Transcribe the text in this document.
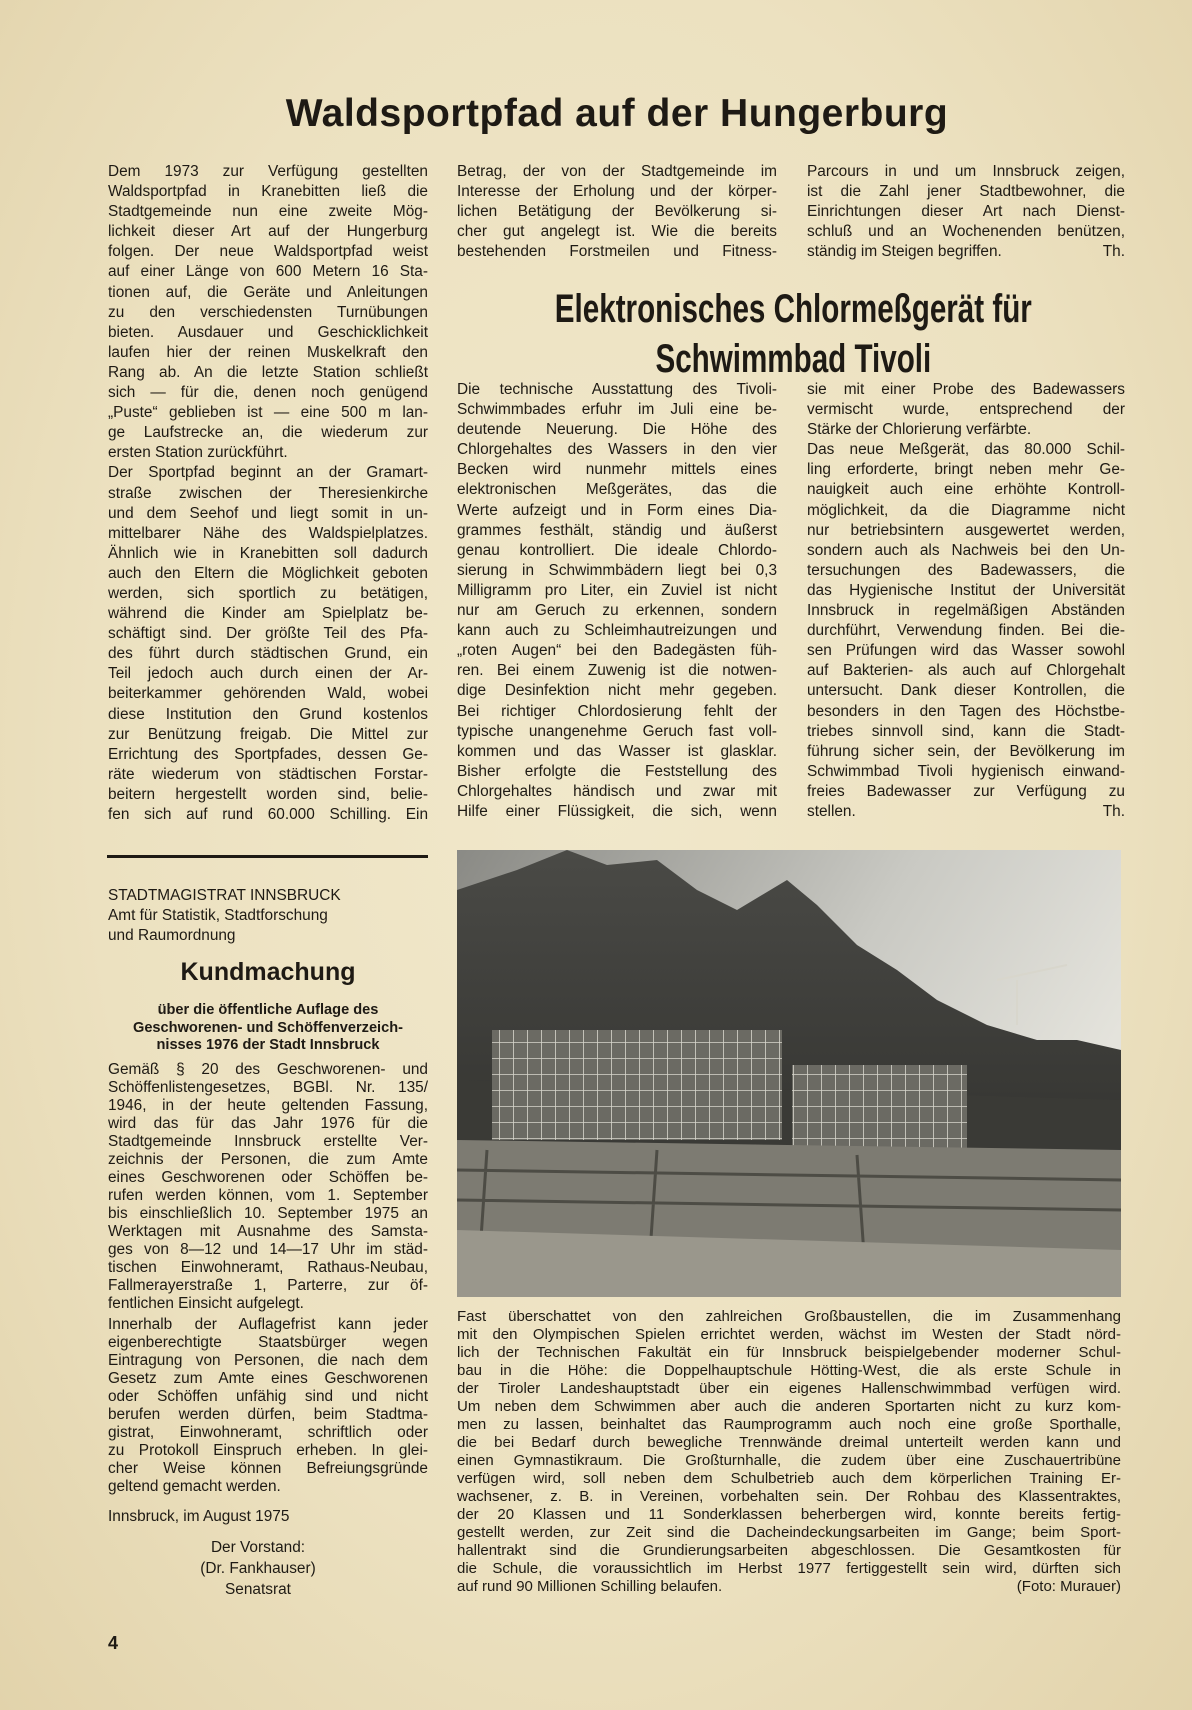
Waldsportpfad auf der Hungerburg
Dem 1973 zur Verfügung gestellten
Waldsportpfad in Kranebitten ließ die
Stadtgemeinde nun eine zweite Mög-
lichkeit dieser Art auf der Hungerburg
folgen. Der neue Waldsportpfad weist
auf einer Länge von 600 Metern 16 Sta-
tionen auf, die Geräte und Anleitungen
zu den verschiedensten Turnübungen
bieten. Ausdauer und Geschicklichkeit
laufen hier der reinen Muskelkraft den
Rang ab. An die letzte Station schließt
sich — für die, denen noch genügend
„Puste“ geblieben ist — eine 500 m lan-
ge Laufstrecke an, die wiederum zur
ersten Station zurückführt.
Der Sportpfad beginnt an der Gramart-
straße zwischen der Theresienkirche
und dem Seehof und liegt somit in un-
mittelbarer Nähe des Waldspielplatzes.
Ähnlich wie in Kranebitten soll dadurch
auch den Eltern die Möglichkeit geboten
werden, sich sportlich zu betätigen,
während die Kinder am Spielplatz be-
schäftigt sind. Der größte Teil des Pfa-
des führt durch städtischen Grund, ein
Teil jedoch auch durch einen der Ar-
beiterkammer gehörenden Wald, wobei
diese Institution den Grund kostenlos
zur Benützung freigab. Die Mittel zur
Errichtung des Sportpfades, dessen Ge-
räte wiederum von städtischen Forstar-
beitern hergestellt worden sind, belie-
fen sich auf rund 60.000 Schilling. Ein
Betrag, der von der Stadtgemeinde im
Interesse der Erholung und der körper-
lichen Betätigung der Bevölkerung si-
cher gut angelegt ist. Wie die bereits
bestehenden Forstmeilen und Fitness-
Parcours in und um Innsbruck zeigen,
ist die Zahl jener Stadtbewohner, die
Einrichtungen dieser Art nach Dienst-
schluß und an Wochenenden benützen,
ständig im Steigen begriffen.	Th.
Elektronisches Chlormeßgerät für
Schwimmbad Tivoli
Die technische Ausstattung des Tivoli-
Schwimmbades erfuhr im Juli eine be-
deutende Neuerung. Die Höhe des
Chlorgehaltes des Wassers in den vier
Becken wird nunmehr mittels eines
elektronischen Meßgerätes, das die
Werte aufzeigt und in Form eines Dia-
grammes festhält, ständig und äußerst
genau kontrolliert. Die ideale Chlordo-
sierung in Schwimmbädern liegt bei 0,3
Milligramm pro Liter, ein Zuviel ist nicht
nur am Geruch zu erkennen, sondern
kann auch zu Schleimhautreizungen und
„roten Augen“ bei den Badegästen füh-
ren. Bei einem Zuwenig ist die notwen-
dige Desinfektion nicht mehr gegeben.
Bei richtiger Chlordosierung fehlt der
typische unangenehme Geruch fast voll-
kommen und das Wasser ist glasklar.
Bisher erfolgte die Feststellung des
Chlorgehaltes händisch und zwar mit
Hilfe einer Flüssigkeit, die sich, wenn
sie mit einer Probe des Badewassers
vermischt wurde, entsprechend der
Stärke der Chlorierung verfärbte.
Das neue Meßgerät, das 80.000 Schil-
ling erforderte, bringt neben mehr Ge-
nauigkeit auch eine erhöhte Kontroll-
möglichkeit, da die Diagramme nicht
nur betriebsintern ausgewertet werden,
sondern auch als Nachweis bei den Un-
tersuchungen des Badewassers, die
das Hygienische Institut der Universität
Innsbruck in regelmäßigen Abständen
durchführt, Verwendung finden. Bei die-
sen Prüfungen wird das Wasser sowohl
auf Bakterien- als auch auf Chlorgehalt
untersucht. Dank dieser Kontrollen, die
besonders in den Tagen des Höchstbe-
triebes sinnvoll sind, kann die Stadt-
führung sicher sein, der Bevölkerung im
Schwimmbad Tivoli hygienisch einwand-
freies Badewasser zur Verfügung zu
stellen.	Th.
STADTMAGISTRAT INNSBRUCK
Amt für Statistik, Stadtforschung
und Raumordnung
Kundmachung
über die öffentliche Auflage des
Geschworenen- und Schöffenverzeich-
nisses 1976 der Stadt Innsbruck
Gemäß § 20 des Geschworenen- und
Schöffenlistengesetzes, BGBl. Nr. 135/
1946, in der heute geltenden Fassung,
wird das für das Jahr 1976 für die
Stadtgemeinde Innsbruck erstellte Ver-
zeichnis der Personen, die zum Amte
eines Geschworenen oder Schöffen be-
rufen werden können, vom 1. September
bis einschließlich 10. September 1975 an
Werktagen mit Ausnahme des Samsta-
ges von 8—12 und 14—17 Uhr im städ-
tischen Einwohneramt, Rathaus-Neubau,
Fallmerayerstraße 1, Parterre, zur öf-
fentlichen Einsicht aufgelegt.
Innerhalb der Auflagefrist kann jeder
eigenberechtigte Staatsbürger wegen
Eintragung von Personen, die nach dem
Gesetz zum Amte eines Geschworenen
oder Schöffen unfähig sind und nicht
berufen werden dürfen, beim Stadtma-
gistrat, Einwohneramt, schriftlich oder
zu Protokoll Einspruch erheben. In glei-
cher Weise können Befreiungsgründe
geltend gemacht werden.
Innsbruck, im August 1975
Der Vorstand:
(Dr. Fankhauser)
Senatsrat
Fast überschattet von den zahlreichen Großbaustellen, die im Zusammenhang
mit den Olympischen Spielen errichtet werden, wächst im Westen der Stadt nörd-
lich der Technischen Fakultät ein für Innsbruck beispielgebender moderner Schul-
bau in die Höhe: die Doppelhauptschule Hötting-West, die als erste Schule in
der Tiroler Landeshauptstadt über ein eigenes Hallenschwimmbad verfügen wird.
Um neben dem Schwimmen aber auch die anderen Sportarten nicht zu kurz kom-
men zu lassen, beinhaltet das Raumprogramm auch noch eine große Sporthalle,
die bei Bedarf durch bewegliche Trennwände dreimal unterteilt werden kann und
einen Gymnastikraum. Die Großturnhalle, die zudem über eine Zuschauertribüne
verfügen wird, soll neben dem Schulbetrieb auch dem körperlichen Training Er-
wachsener, z. B. in Vereinen, vorbehalten sein. Der Rohbau des Klassentraktes,
der 20 Klassen und 11 Sonderklassen beherbergen wird, konnte bereits fertig-
gestellt werden, zur Zeit sind die Dacheindeckungsarbeiten im Gange; beim Sport-
hallentrakt sind die Grundierungsarbeiten abgeschlossen. Die Gesamtkosten für
die Schule, die voraussichtlich im Herbst 1977 fertiggestellt sein wird, dürften sich
auf rund 90 Millionen Schilling belaufen.	(Foto: Murauer)
4
